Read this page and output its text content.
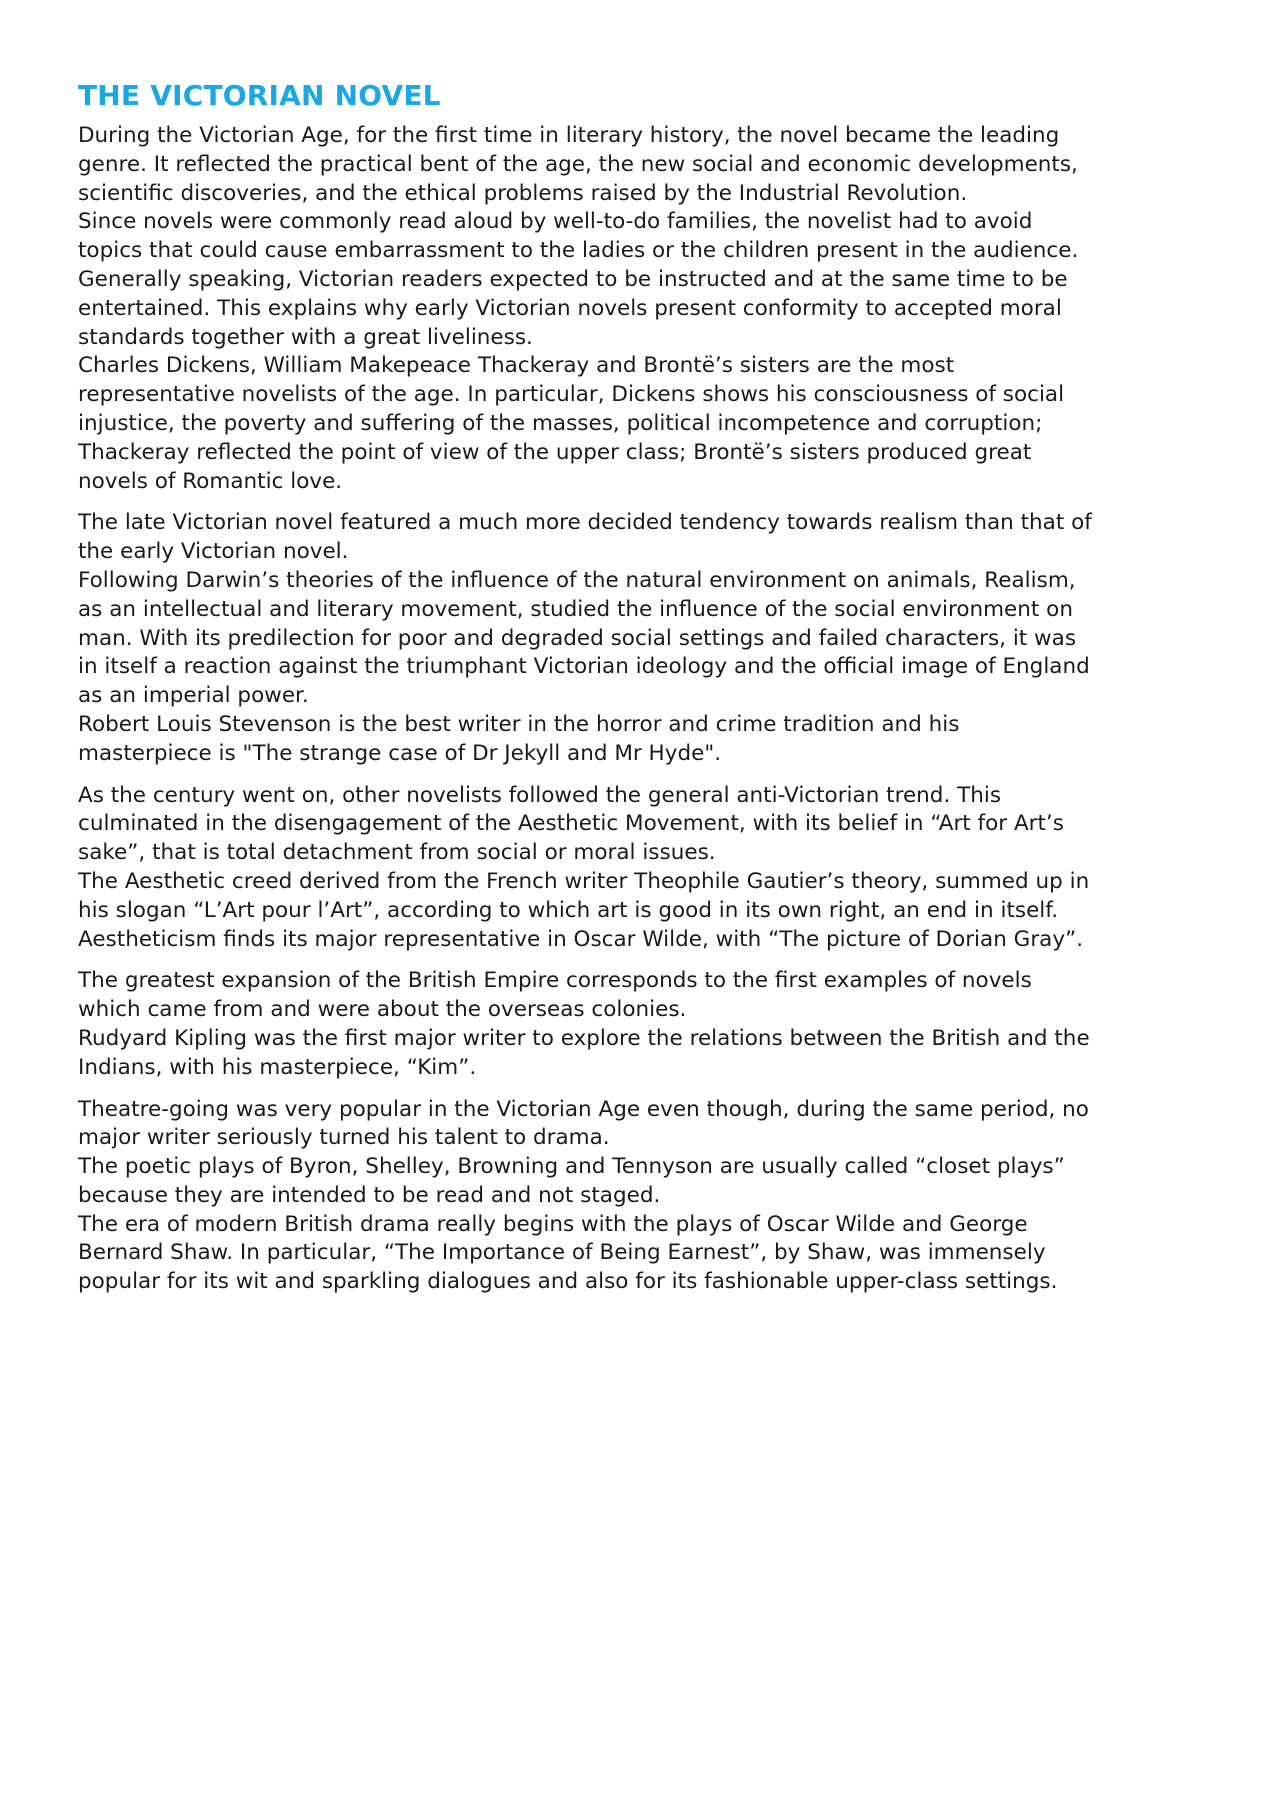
THE VICTORIAN NOVEL

During the Victorian Age, for the first time in literary history, the novel became the leading
genre. It reflected the practical bent of the age, the new social and economic developments,
scientific discoveries, and the ethical problems raised by the Industrial Revolution.

Since novels were commonly read aloud by well-to-do families, the novelist had to avoid
topics that could cause embarrassment to the ladies or the children present in the audience.
Generally speaking, Victorian readers expected to be instructed and at the same time to be
entertained. This explains why early Victorian novels present conformity to accepted moral
standards together with a great liveliness.

Charles Dickens, William Makepeace Thackeray and Brontë’s sisters are the most
representative novelists of the age. In particular, Dickens shows his consciousness of social
injustice, the poverty and suffering of the masses, political incompetence and corruption;
Thackeray reflected the point of view of the upper class; Brontë’s sisters produced great
novels of Romantic love.

The late Victorian novel featured a much more decided tendency towards realism than that of
the early Victorian novel.

Following Darwin’s theories of the influence of the natural environment on animals, Realism,
as an intellectual and literary movement, studied the influence of the social environment on
man. With its predilection for poor and degraded social settings and failed characters, it was
in itself a reaction against the triumphant Victorian ideology and the official image of England
as an imperial power.

Robert Louis Stevenson is the best writer in the horror and crime tradition and his
masterpiece is "The strange case of Dr Jekyll and Mr Hyde".

As the century went on, other novelists followed the general anti-Victorian trend. This
culminated in the disengagement of the Aesthetic Movement, with its belief in “Art for Art’s
sake”, that is total detachment from social or moral issues.

The Aesthetic creed derived from the French writer Theophile Gautier’s theory, summed up in
his slogan “L’Art pour l’Art”, according to which art is good in its own right, an end in itself.
Aestheticism finds its major representative in Oscar Wilde, with “The picture of Dorian Gray”.

The greatest expansion of the British Empire corresponds to the first examples of novels
which came from and were about the overseas colonies.

Rudyard Kipling was the first major writer to explore the relations between the British and the
Indians, with his masterpiece, “Kim”.

Theatre-going was very popular in the Victorian Age even though, during the same period, no
major writer seriously turned his talent to drama.

The poetic plays of Byron, Shelley, Browning and Tennyson are usually called “closet plays”
because they are intended to be read and not staged.

The era of modern British drama really begins with the plays of Oscar Wilde and George
Bernard Shaw. In particular, “The Importance of Being Earnest”, by Shaw, was immensely
popular for its wit and sparkling dialogues and also for its fashionable upper-class settings.
